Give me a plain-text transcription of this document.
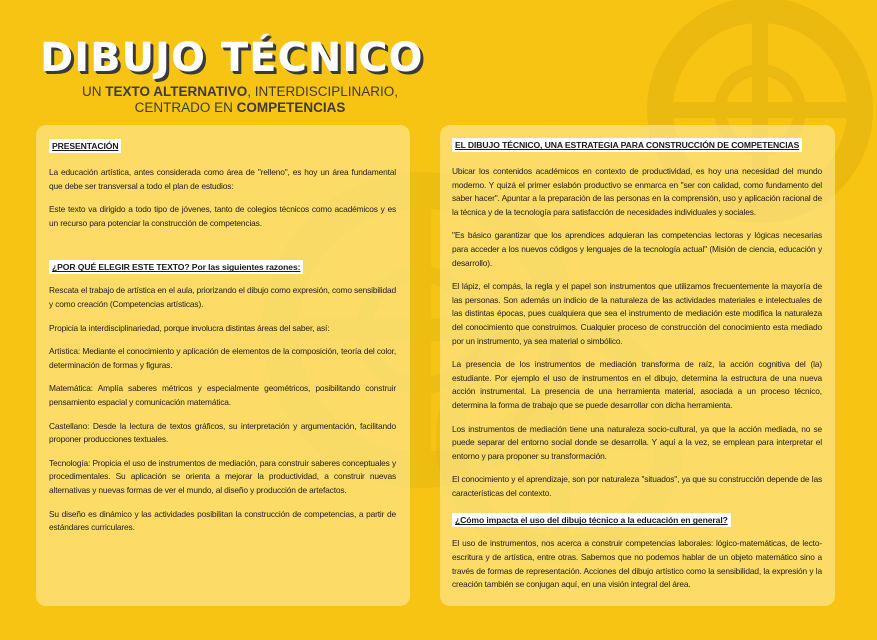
DIBUJO TÉCNICO
UN TEXTO ALTERNATIVO, INTERDISCIPLINARIO,
CENTRADO EN COMPETENCIAS
PRESENTACIÓN

La educación artística, antes considerada como área de "relleno", es hoy un área fundamental que debe ser transversal a todo el plan de estudios:

Este texto va dirigido a todo tipo de jóvenes, tanto de colegios técnicos como académicos y es un recurso para potenciar la construcción de competencias.

¿POR QUÉ ELEGIR ESTE TEXTO? Por las siguientes razones:

Rescata el trabajo de artística en el aula, priorizando el dibujo como expresión, como sensibilidad y como creación (Competencias artísticas).

Propicia la interdisciplinariedad, porque involucra distintas áreas del saber, así:

Artística: Mediante el conocimiento y aplicación de elementos de la composición, teoría del color, determinación de formas y figuras.

Matemática: Amplía saberes métricos y especialmente geométricos, posibilitando construir pensamiento espacial y comunicación matemática.

Castellano: Desde la lectura de textos gráficos, su interpretación y argumentación, facilitando proponer producciones textuales.

Tecnología: Propicia el uso de instrumentos de mediación, para construir saberes conceptuales y procedimentales. Su aplicación se orienta a mejorar la productividad, a construir nuevas alternativas y nuevas formas de ver el mundo, al diseño y producción de artefactos.

Su diseño es dinámico y las actividades posibilitan la construcción de competencias, a partir de estándares curriculares.

EL DIBUJO TÉCNICO, UNA ESTRATEGIA PARA CONSTRUCCIÓN DE COMPETENCIAS

Ubicar los contenidos académicos en contexto de productividad, es hoy una necesidad del mundo moderno. Y quizá el primer eslabón productivo se enmarca en "ser con calidad, como fundamento del saber hacer". Apuntar a la preparación de las personas en la comprensión, uso y aplicación racional de la técnica y de la tecnología para satisfacción de necesidades individuales y sociales.

"Es básico garantizar que los aprendices adquieran las competencias lectoras y lógicas necesarias para acceder a los nuevos códigos y lenguajes de la tecnología actual" (Misión de ciencia, educación y desarrollo).

El lápiz, el compás, la regla y el papel son instrumentos que utilizamos frecuentemente la mayoría de las personas. Son además un indicio de la naturaleza de las actividades materiales e intelectuales de las distintas épocas, pues cualquiera que sea el instrumento de mediación este modifica la naturaleza del conocimiento que construimos. Cualquier proceso de construcción del conocimiento esta mediado por un instrumento, ya sea material o simbólico.

La presencia de los instrumentos de mediación transforma de raíz, la acción cognitiva del (la) estudiante. Por ejemplo el uso de instrumentos en el dibujo, determina la estructura de una nueva acción instrumental. La presencia de una herramienta material, asociada a un proceso técnico, determina la forma de trabajo que se puede desarrollar con dicha herramienta.

Los instrumentos de mediación tiene una naturaleza socio-cultural, ya que la acción mediada, no se puede separar del entorno social donde se desarrolla. Y aquí a la vez, se emplean para interpretar el entorno y para proponer su transformación.

El conocimiento y el aprendizaje, son por naturaleza "situados", ya que su construcción depende de las características del contexto.

¿Cómo impacta el uso del dibujo técnico a la educación en general?

El uso de instrumentos, nos acerca a construir competencias laborales: lógico-matemáticas, de lecto-escritura y de artística, entre otras. Sabemos que no podemos hablar de un objeto matemático sino a través de formas de representación. Acciones del dibujo artístico como la sensibilidad, la expresión y la creación también se conjugan aquí, en una visión integral del área.
